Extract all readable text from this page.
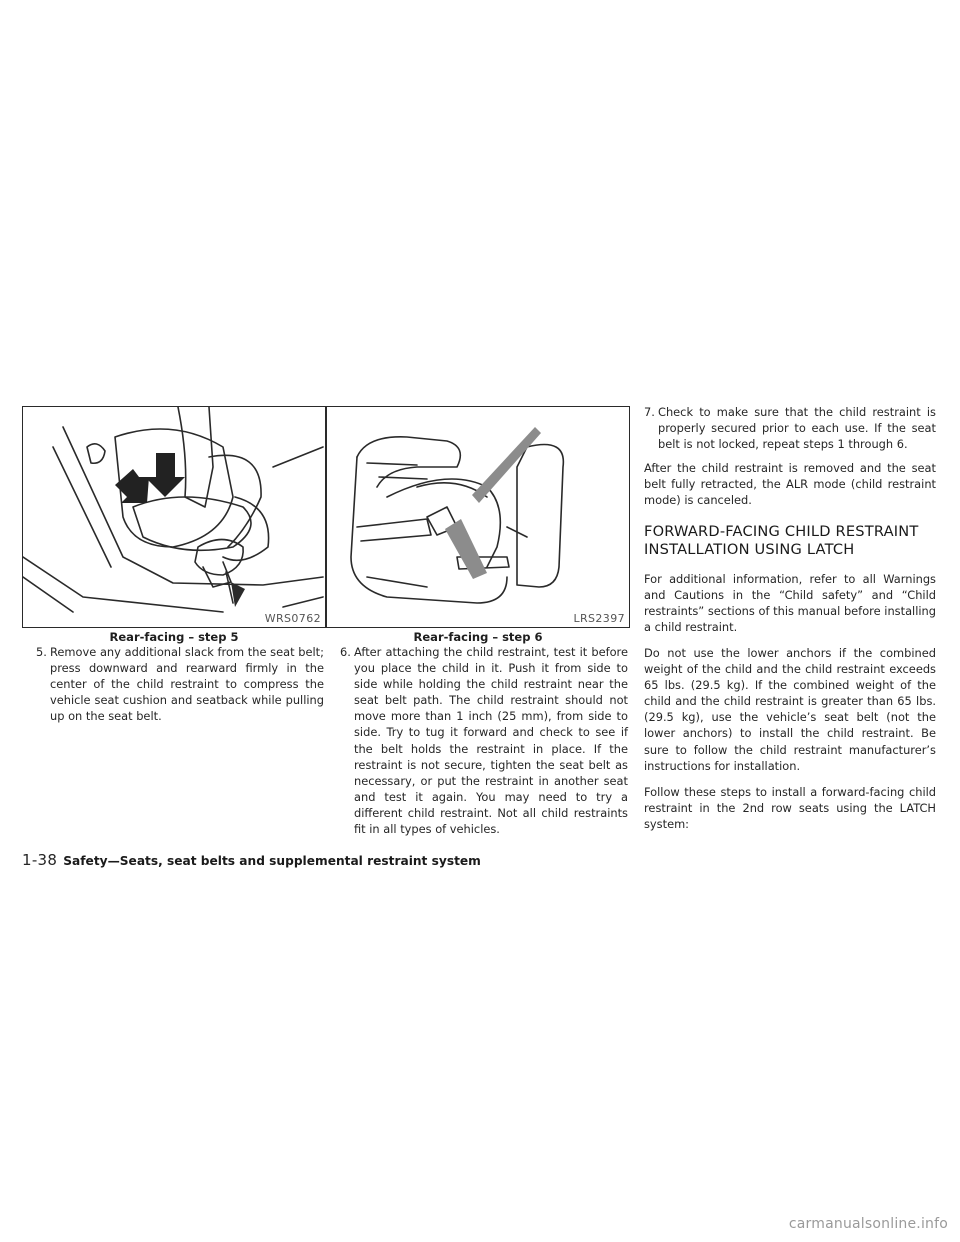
WRS0762
Rear-facing – step 5
LRS2397
Rear-facing – step 6

5. Remove any additional slack from the seat belt; press downward and rearward firmly in the center of the child restraint to compress the vehicle seat cushion and seatback while pulling up on the seat belt.

6. After attaching the child restraint, test it before you place the child in it. Push it from side to side while holding the child restraint near the seat belt path. The child restraint should not move more than 1 inch (25 mm), from side to side. Try to tug it forward and check to see if the belt holds the restraint in place. If the restraint is not secure, tighten the seat belt as necessary, or put the restraint in another seat and test it again. You may need to try a different child restraint. Not all child restraints fit in all types of vehicles.

7. Check to make sure that the child restraint is properly secured prior to each use. If the seat belt is not locked, repeat steps 1 through 6.

After the child restraint is removed and the seat belt fully retracted, the ALR mode (child restraint mode) is canceled.

FORWARD-FACING CHILD RESTRAINT INSTALLATION USING LATCH

For additional information, refer to all Warnings and Cautions in the “Child safety” and “Child restraints” sections of this manual before installing a child restraint.

Do not use the lower anchors if the combined weight of the child and the child restraint exceeds 65 lbs. (29.5 kg). If the combined weight of the child and the child restraint is greater than 65 lbs. (29.5 kg), use the vehicle’s seat belt (not the lower anchors) to install the child restraint. Be sure to follow the child restraint manufacturer’s instructions for installation.

Follow these steps to install a forward-facing child restraint in the 2nd row seats using the LATCH system:

1-38 Safety—Seats, seat belts and supplemental restraint system
carmanualsonline.info
